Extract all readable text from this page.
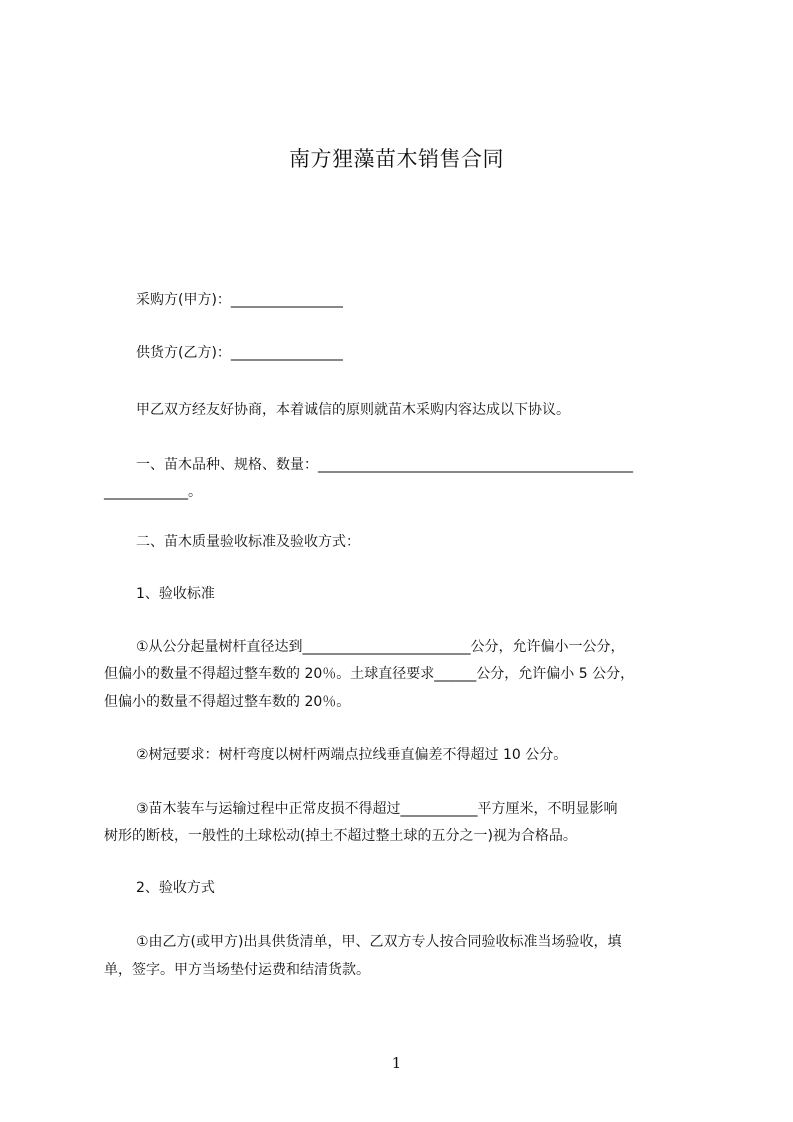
南方狸藻苗木销售合同

采购方(甲方)：________________

供货方(乙方)：________________

甲乙双方经友好协商，本着诚信的原则就苗木采购内容达成以下协议。

一、苗木品种、规格、数量：_____________________________________________

____________。

二、苗木质量验收标准及验收方式：

1、验收标准

①从公分起量树杆直径达到________________________公分，允许偏小一公分，

但偏小的数量不得超过整车数的 20％。土球直径要求______公分，允许偏小 5 公分，

但偏小的数量不得超过整车数的 20％。

②树冠要求：树杆弯度以树杆两端点拉线垂直偏差不得超过 10 公分。

③苗木装车与运输过程中正常皮损不得超过___________平方厘米，不明显影响

树形的断枝，一般性的土球松动(掉土不超过整土球的五分之一)视为合格品。

2、验收方式

①由乙方(或甲方)出具供货清单，甲、乙双方专人按合同验收标准当场验收，填

单，签字。甲方当场垫付运费和结清货款。

1
